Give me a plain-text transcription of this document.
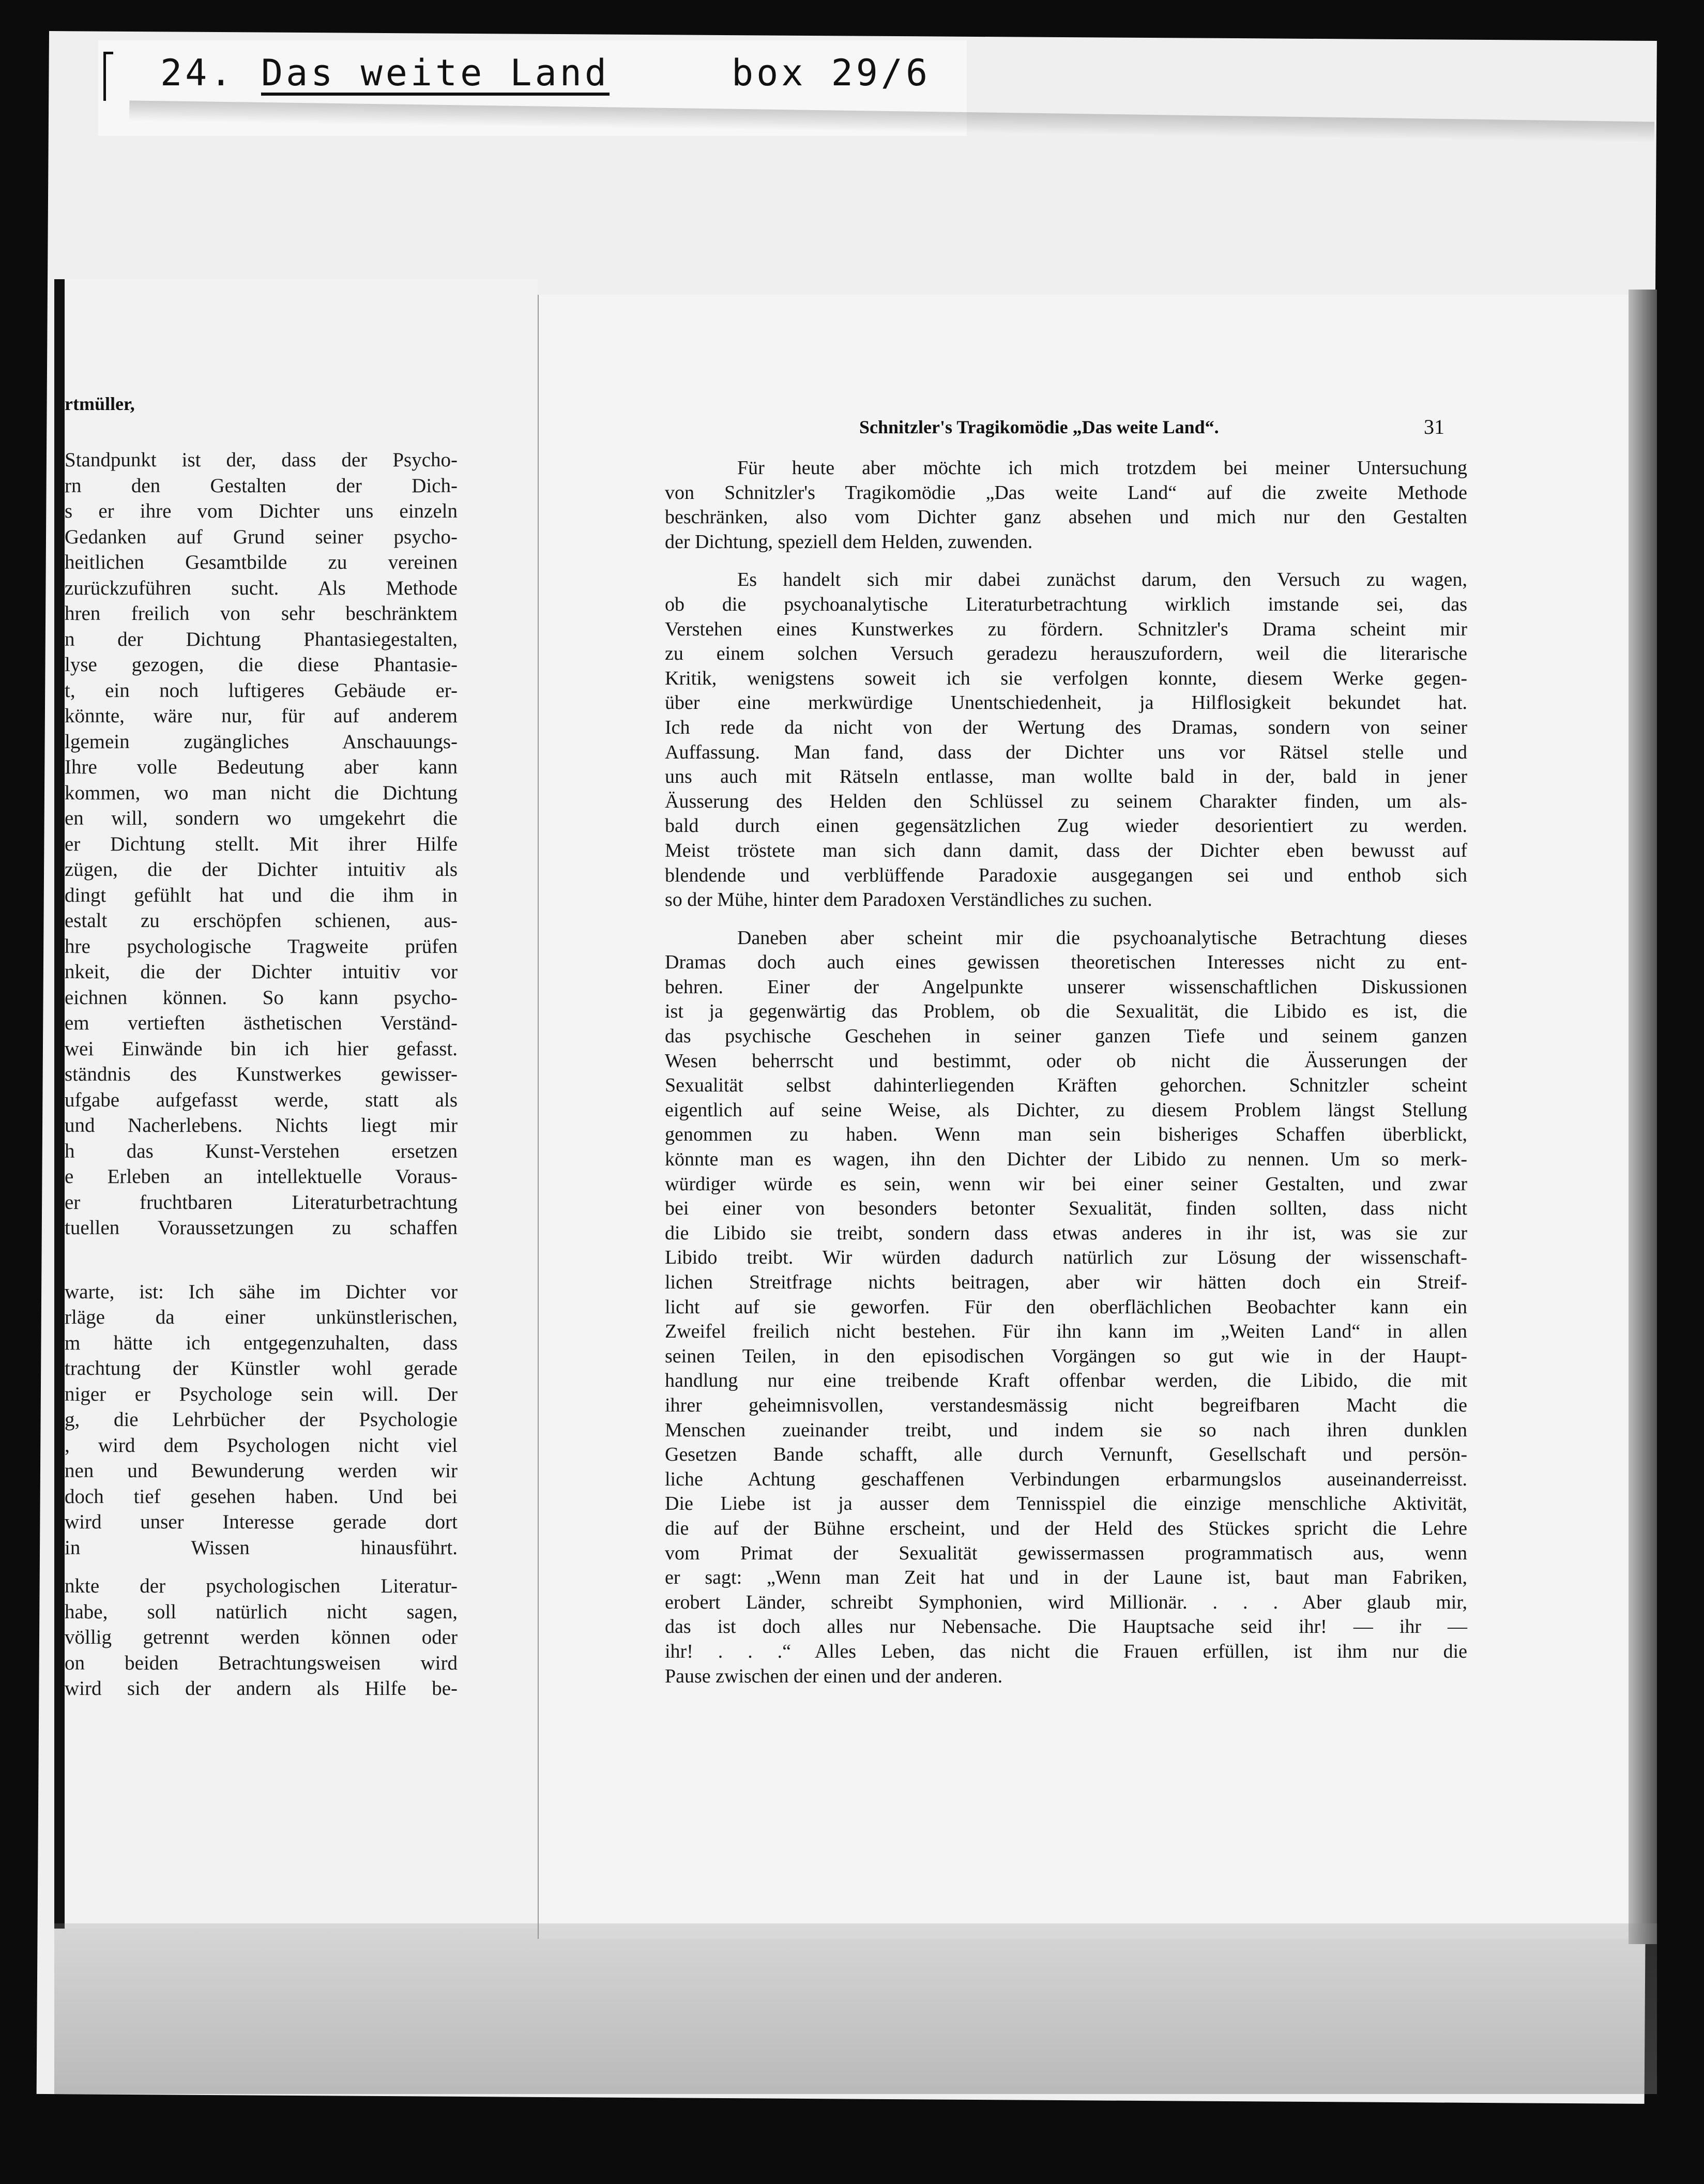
24. Das weite Land	box 29/6
rtmüller,
Standpunkt ist der, dass der Psycho-
rn den Gestalten der Dich-
s er ihre vom Dichter uns einzeln
Gedanken auf Grund seiner psycho-
heitlichen Gesamtbilde zu vereinen
zurückzuführen sucht. Als Methode
hren freilich von sehr beschränktem
n der Dichtung Phantasiegestalten,
lyse gezogen, die diese Phantasie-
t, ein noch luftigeres Gebäude er-
könnte, wäre nur, für auf anderem
lgemein zugängliches Anschauungs-
Ihre volle Bedeutung aber kann
kommen, wo man nicht die Dichtung
en will, sondern wo umgekehrt die
er Dichtung stellt. Mit ihrer Hilfe
zügen, die der Dichter intuitiv als
dingt gefühlt hat und die ihm in
estalt zu erschöpfen schienen, aus-
hre psychologische Tragweite prüfen
nkeit, die der Dichter intuitiv vor
eichnen können. So kann psycho-
em vertieften ästhetischen Verständ-
wei Einwände bin ich hier gefasst.
ständnis des Kunstwerkes gewisser-
ufgabe aufgefasst werde, statt als
und Nacherlebens. Nichts liegt mir
h das Kunst-Verstehen ersetzen
e Erleben an intellektuelle Voraus-
er fruchtbaren Literaturbetrachtung
tuellen Voraussetzungen zu schaffen
warte, ist: Ich sähe im Dichter vor
rläge da einer unkünstlerischen,
m hätte ich entgegenzuhalten, dass
trachtung der Künstler wohl gerade
niger er Psychologe sein will. Der
g, die Lehrbücher der Psychologie
, wird dem Psychologen nicht viel
nen und Bewunderung werden wir
doch tief gesehen haben. Und bei
wird unser Interesse gerade dort
in Wissen hinausführt.
nkte der psychologischen Literatur-
habe, soll natürlich nicht sagen,
völlig getrennt werden können oder
on beiden Betrachtungsweisen wird
wird sich der andern als Hilfe be-
Schnitzler's Tragikomödie „Das weite Land“.	31
Für heute aber möchte ich mich trotzdem bei meiner Untersuchung
von Schnitzler's Tragikomödie „Das weite Land“ auf die zweite Methode
beschränken, also vom Dichter ganz absehen und mich nur den Gestalten
der Dichtung, speziell dem Helden, zuwenden.
Es handelt sich mir dabei zunächst darum, den Versuch zu wagen,
ob die psychoanalytische Literaturbetrachtung wirklich imstande sei, das
Verstehen eines Kunstwerkes zu fördern. Schnitzler's Drama scheint mir
zu einem solchen Versuch geradezu herauszufordern, weil die literarische
Kritik, wenigstens soweit ich sie verfolgen konnte, diesem Werke gegen-
über eine merkwürdige Unentschiedenheit, ja Hilflosigkeit bekundet hat.
Ich rede da nicht von der Wertung des Dramas, sondern von seiner
Auffassung. Man fand, dass der Dichter uns vor Rätsel stelle und
uns auch mit Rätseln entlasse, man wollte bald in der, bald in jener
Äusserung des Helden den Schlüssel zu seinem Charakter finden, um als-
bald durch einen gegensätzlichen Zug wieder desorientiert zu werden.
Meist tröstete man sich dann damit, dass der Dichter eben bewusst auf
blendende und verblüffende Paradoxie ausgegangen sei und enthob sich
so der Mühe, hinter dem Paradoxen Verständliches zu suchen.
Daneben aber scheint mir die psychoanalytische Betrachtung dieses
Dramas doch auch eines gewissen theoretischen Interesses nicht zu ent-
behren. Einer der Angelpunkte unserer wissenschaftlichen Diskussionen
ist ja gegenwärtig das Problem, ob die Sexualität, die Libido es ist, die
das psychische Geschehen in seiner ganzen Tiefe und seinem ganzen
Wesen beherrscht und bestimmt, oder ob nicht die Äusserungen der
Sexualität selbst dahinterliegenden Kräften gehorchen. Schnitzler scheint
eigentlich auf seine Weise, als Dichter, zu diesem Problem längst Stellung
genommen zu haben. Wenn man sein bisheriges Schaffen überblickt,
könnte man es wagen, ihn den Dichter der Libido zu nennen. Um so merk-
würdiger würde es sein, wenn wir bei einer seiner Gestalten, und zwar
bei einer von besonders betonter Sexualität, finden sollten, dass nicht
die Libido sie treibt, sondern dass etwas anderes in ihr ist, was sie zur
Libido treibt. Wir würden dadurch natürlich zur Lösung der wissenschaft-
lichen Streitfrage nichts beitragen, aber wir hätten doch ein Streif-
licht auf sie geworfen. Für den oberflächlichen Beobachter kann ein
Zweifel freilich nicht bestehen. Für ihn kann im „Weiten Land“ in allen
seinen Teilen, in den episodischen Vorgängen so gut wie in der Haupt-
handlung nur eine treibende Kraft offenbar werden, die Libido, die mit
ihrer geheimnisvollen, verstandesmässig nicht begreifbaren Macht die
Menschen zueinander treibt, und indem sie so nach ihren dunklen
Gesetzen Bande schafft, alle durch Vernunft, Gesellschaft und persön-
liche Achtung geschaffenen Verbindungen erbarmungslos auseinanderreisst.
Die Liebe ist ja ausser dem Tennisspiel die einzige menschliche Aktivität,
die auf der Bühne erscheint, und der Held des Stückes spricht die Lehre
vom Primat der Sexualität gewissermassen programmatisch aus, wenn
er sagt: „Wenn man Zeit hat und in der Laune ist, baut man Fabriken,
erobert Länder, schreibt Symphonien, wird Millionär. . . . Aber glaub mir,
das ist doch alles nur Nebensache. Die Hauptsache seid ihr! — ihr —
ihr! . . .“ Alles Leben, das nicht die Frauen erfüllen, ist ihm nur die
Pause zwischen der einen und der anderen.
